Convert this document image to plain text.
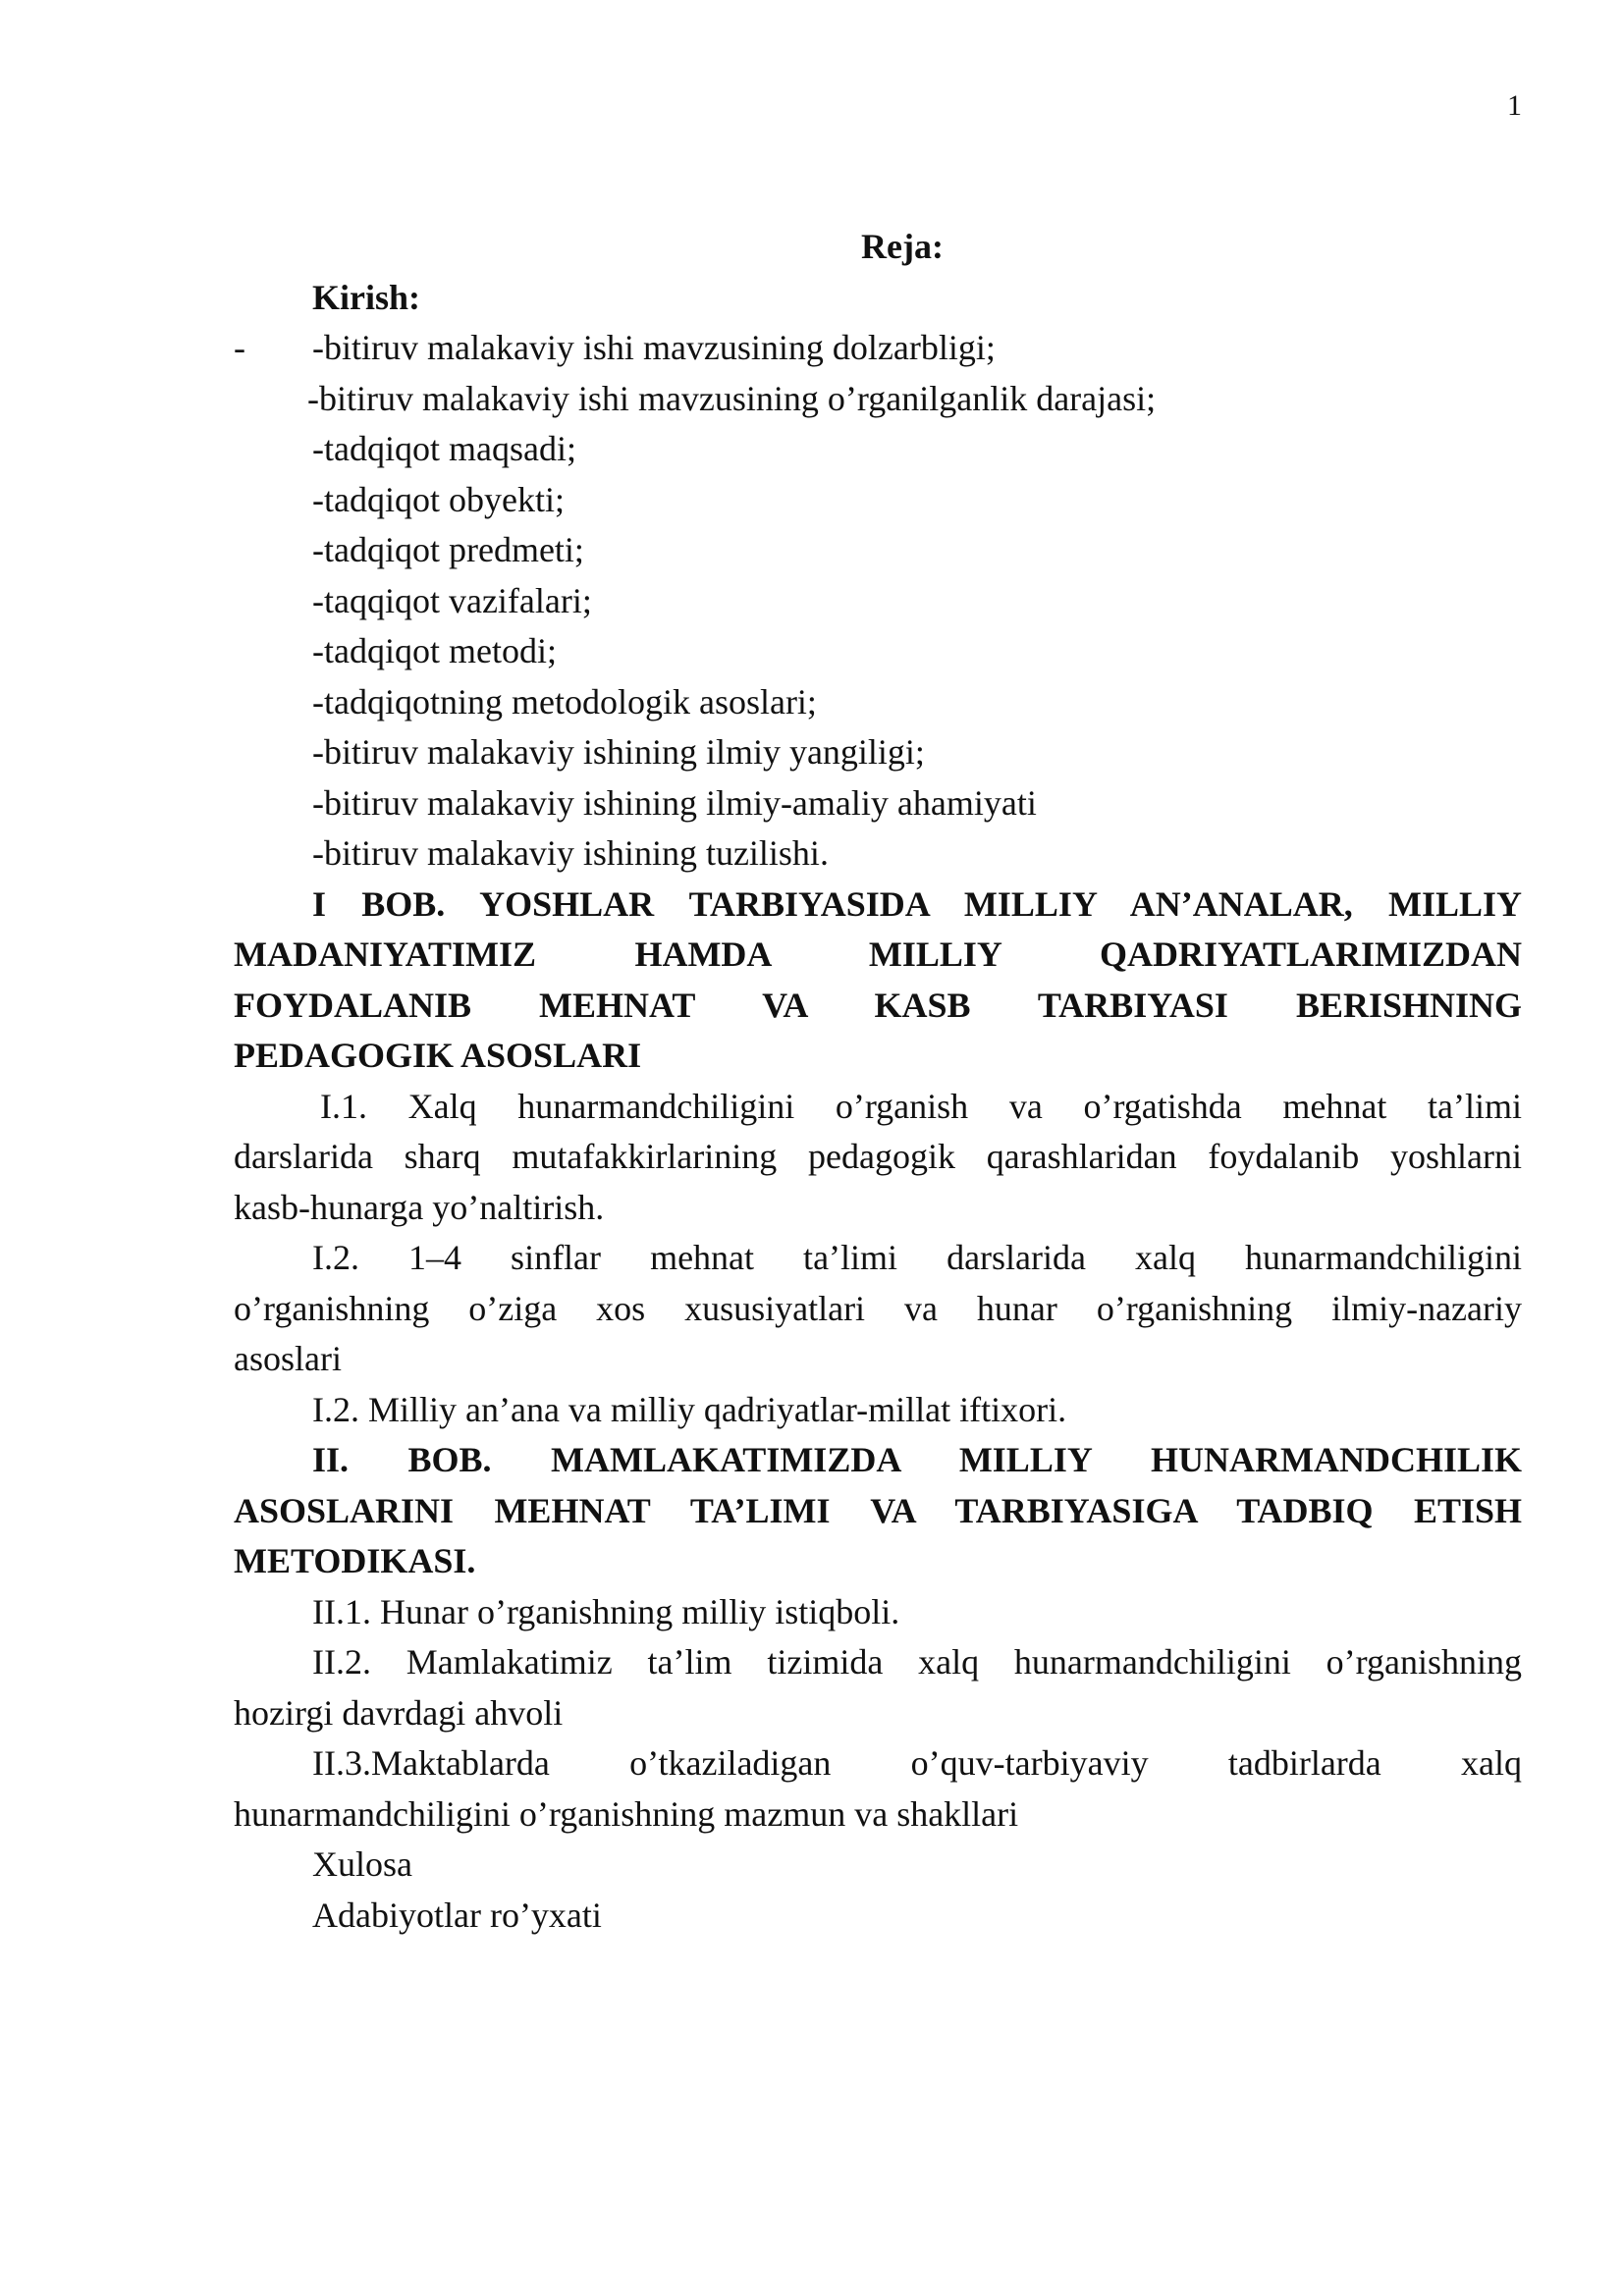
1
Reja:
Kirish:
-	-bitiruv malakaviy ishi mavzusining dolzarbligi;
-bitiruv malakaviy ishi mavzusining o’rganilganlik darajasi;
-tadqiqot maqsadi;
-tadqiqot obyekti;
-tadqiqot predmeti;
-taqqiqot vazifalari;
-tadqiqot metodi;
-tadqiqotning metodologik asoslari;
-bitiruv malakaviy ishining ilmiy yangiligi;
-bitiruv malakaviy ishining ilmiy-amaliy ahamiyati
-bitiruv malakaviy ishining tuzilishi.
I BOB. YOSHLAR TARBIYASIDA MILLIY AN’ANALAR, MILLIY
MADANIYATIMIZ HAMDA MILLIY QADRIYATLARIMIZDAN
FOYDALANIB MEHNAT VA KASB TARBIYASI BERISHNING
PEDAGOGIK ASOSLARI
I.1. Xalq hunarmandchiligini o’rganish va o’rgatishda mehnat ta’limi
darslarida sharq mutafakkirlarining pedagogik qarashlaridan foydalanib yoshlarni
kasb-hunarga yo’naltirish.
I.2. 1–4 sinflar mehnat ta’limi darslarida xalq hunarmandchiligini
o’rganishning o’ziga xos xususiyatlari va hunar o’rganishning ilmiy-nazariy
asoslari
I.2. Milliy an’ana va milliy qadriyatlar-millat iftixori.
II. BOB. MAMLAKATIMIZDA MILLIY HUNARMANDCHILIK
ASOSLARINI MEHNAT TA’LIMI VA TARBIYASIGA TADBIQ ETISH
METODIKASI.
II.1. Hunar o’rganishning milliy istiqboli.
II.2. Mamlakatimiz ta’lim tizimida xalq hunarmandchiligini o’rganishning
hozirgi davrdagi ahvoli
II.3.Maktablarda o’tkaziladigan o’quv-tarbiyaviy tadbirlarda xalq
hunarmandchiligini o’rganishning mazmun va shakllari
Xulosa
Adabiyotlar ro’yxati
